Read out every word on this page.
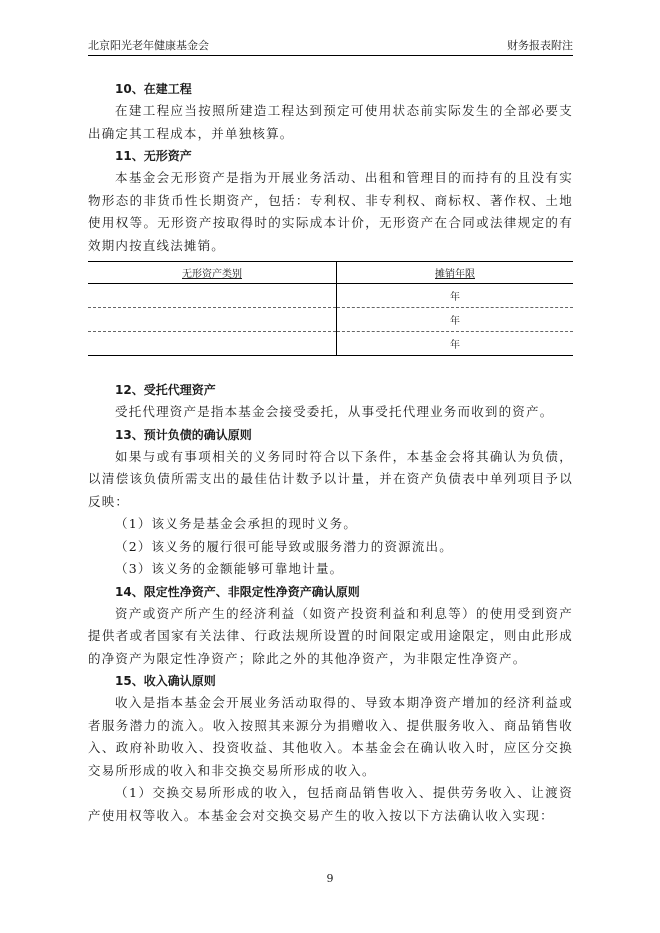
北京阳光老年健康基金会	财务报表附注
10、在建工程

在建工程应当按照所建造工程达到预定可使用状态前实际发生的全部必要支出确定其工程成本，并单独核算。

11、无形资产

本基金会无形资产是指为开展业务活动、出租和管理目的而持有的且没有实物形态的非货币性长期资产，包括：专利权、非专利权、商标权、著作权、土地使用权等。无形资产按取得时的实际成本计价，无形资产在合同或法律规定的有效期内按直线法摊销。

无形资产类别	摊销年限
	年
	年
	年
12、受托代理资产

受托代理资产是指本基金会接受委托，从事受托代理业务而收到的资产。

13、预计负债的确认原则

如果与或有事项相关的义务同时符合以下条件，本基金会将其确认为负债，以清偿该负债所需支出的最佳估计数予以计量，并在资产负债表中单列项目予以反映：

（1）该义务是基金会承担的现时义务。

（2）该义务的履行很可能导致或服务潜力的资源流出。

（3）该义务的金额能够可靠地计量。

14、限定性净资产、非限定性净资产确认原则

资产或资产所产生的经济利益（如资产投资利益和利息等）的使用受到资产提供者或者国家有关法律、行政法规所设置的时间限定或用途限定，则由此形成的净资产为限定性净资产；除此之外的其他净资产，为非限定性净资产。

15、收入确认原则

收入是指本基金会开展业务活动取得的、导致本期净资产增加的经济利益或者服务潜力的流入。收入按照其来源分为捐赠收入、提供服务收入、商品销售收入、政府补助收入、投资收益、其他收入。本基金会在确认收入时，应区分交换交易所形成的收入和非交换交易所形成的收入。

（1）交换交易所形成的收入，包括商品销售收入、提供劳务收入、让渡资产使用权等收入。本基金会对交换交易产生的收入按以下方法确认收入实现：

9
